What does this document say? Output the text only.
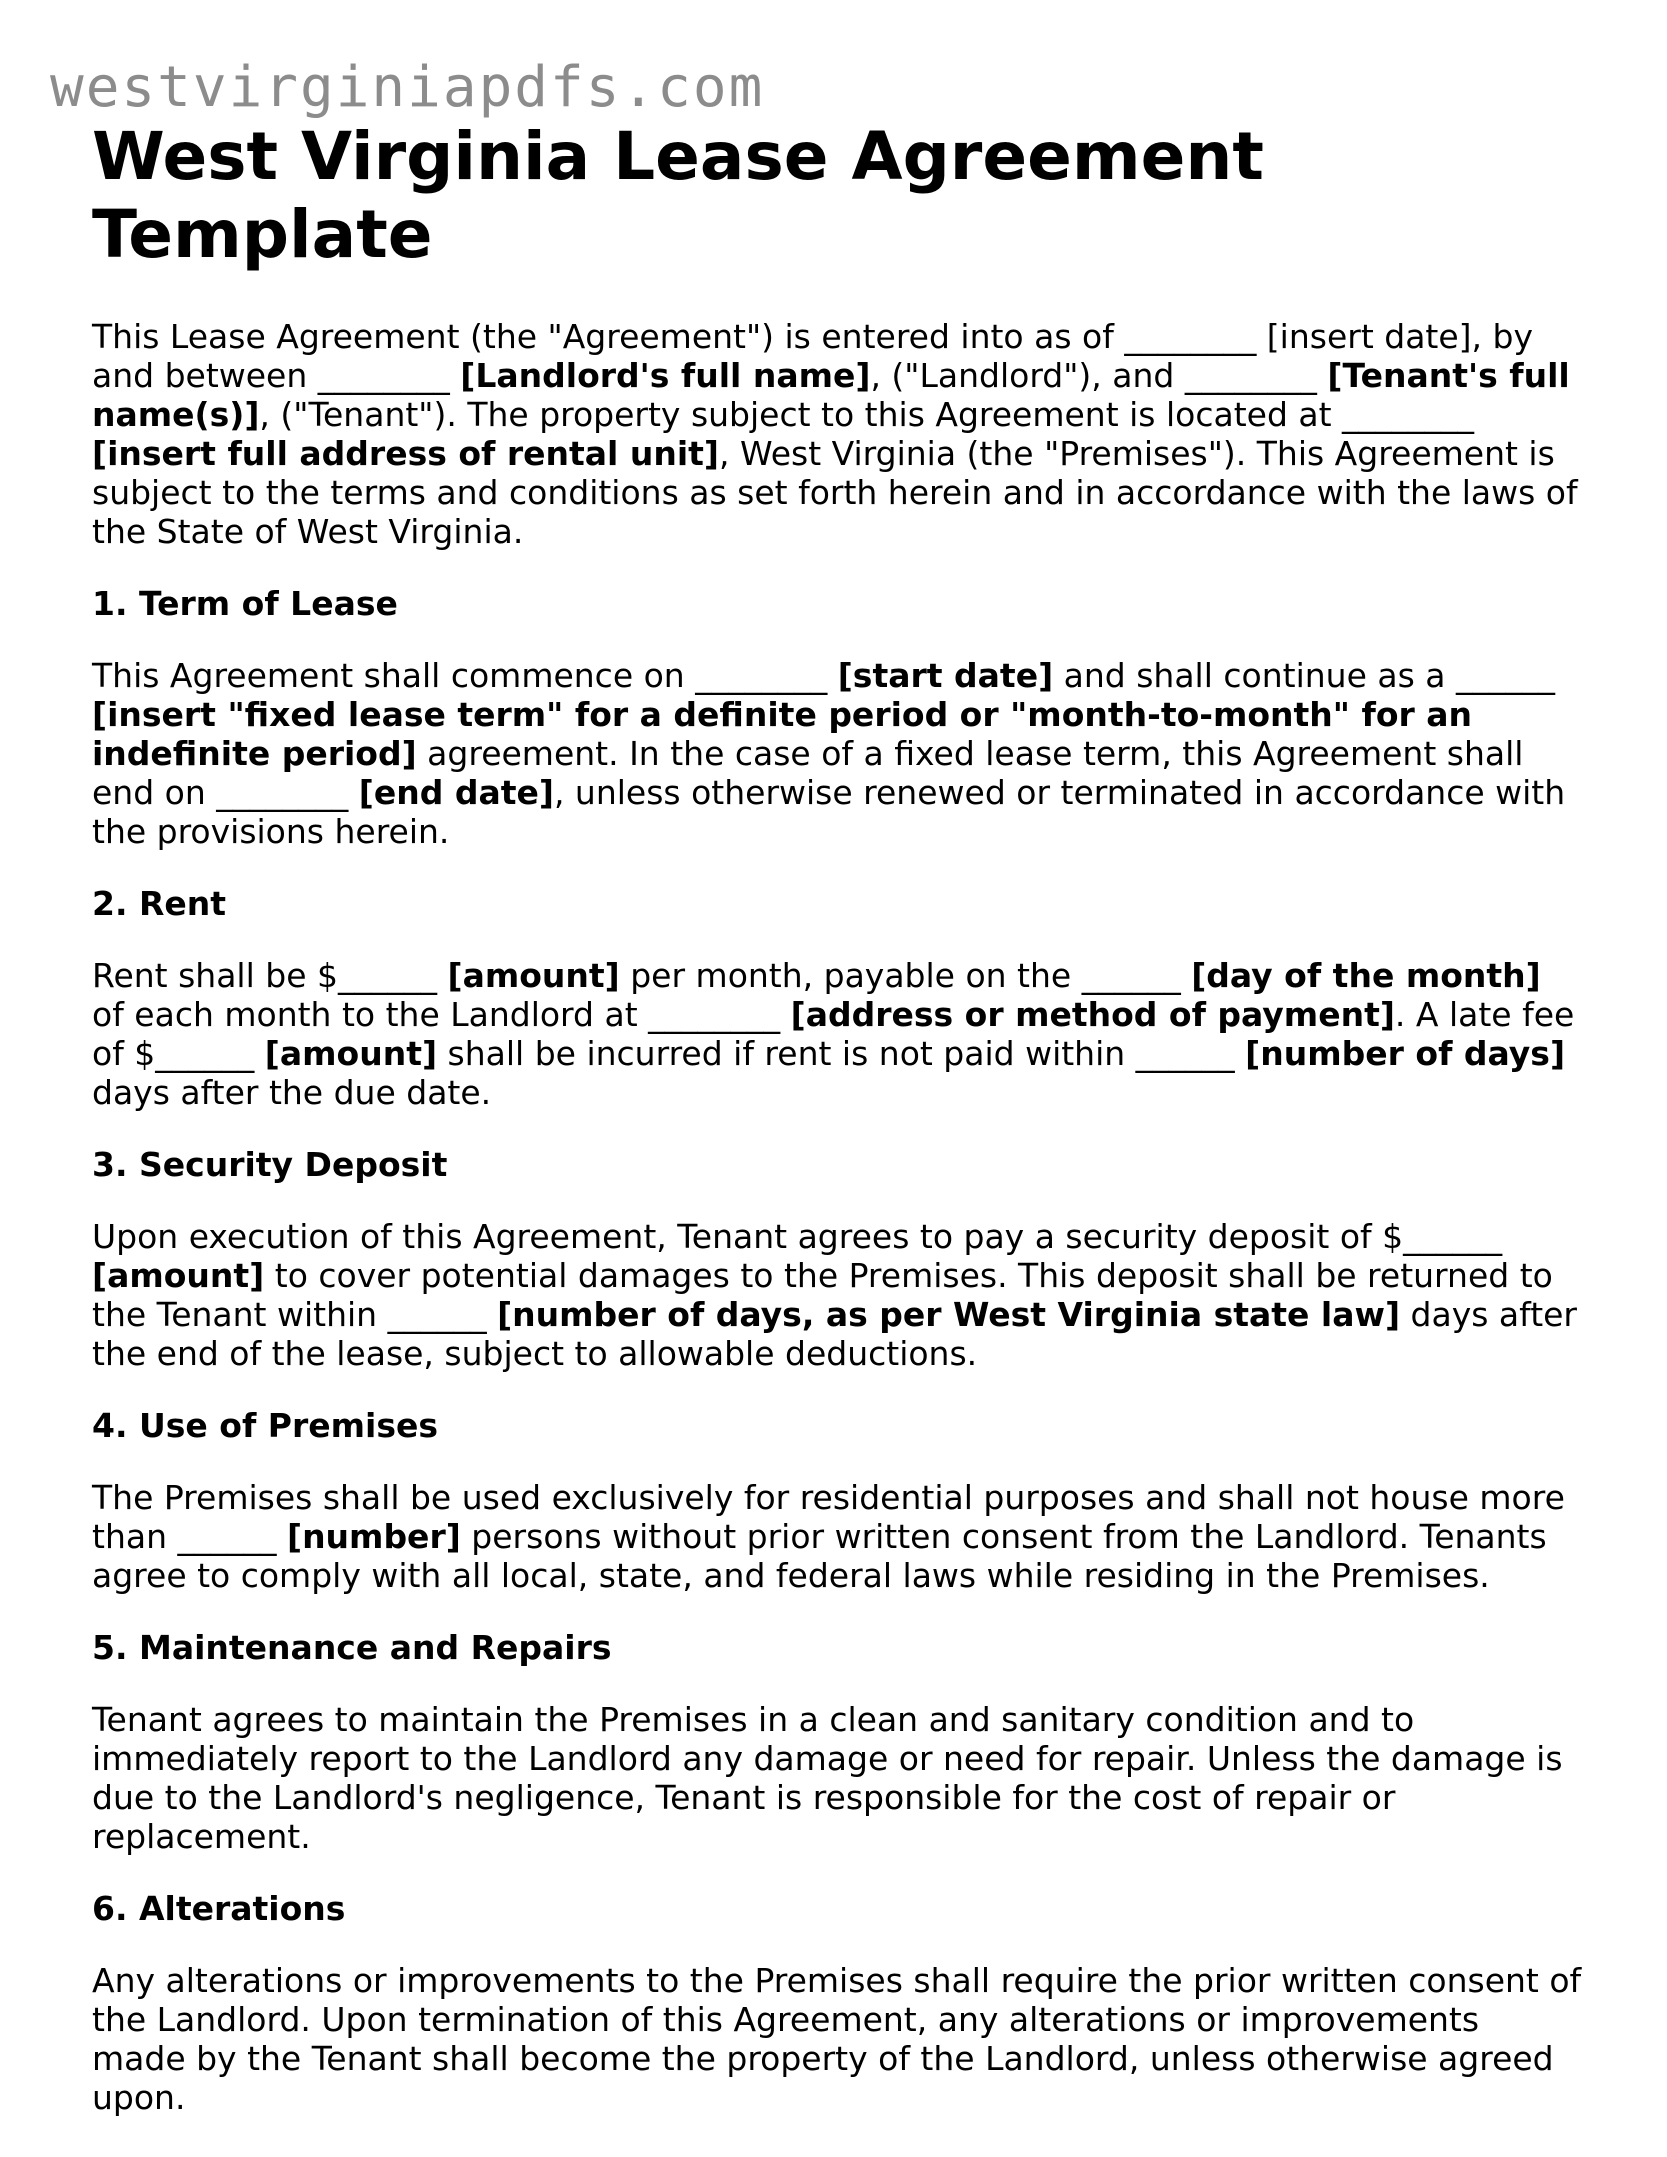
westvirginiapdfs.com
West Virginia Lease Agreement Template

This Lease Agreement (the "Agreement") is entered into as of ________ [insert date], by and between ________ [Landlord's full name], ("Landlord"), and ________ [Tenant's full name(s)], ("Tenant"). The property subject to this Agreement is located at ________ [insert full address of rental unit], West Virginia (the "Premises"). This Agreement is subject to the terms and conditions as set forth herein and in accordance with the laws of the State of West Virginia.

1. Term of Lease

This Agreement shall commence on ________ [start date] and shall continue as a ______ [insert "fixed lease term" for a definite period or "month-to-month" for an indefinite period] agreement. In the case of a fixed lease term, this Agreement shall end on ________ [end date], unless otherwise renewed or terminated in accordance with the provisions herein.

2. Rent

Rent shall be $______ [amount] per month, payable on the ______ [day of the month] of each month to the Landlord at ________ [address or method of payment]. A late fee of $______ [amount] shall be incurred if rent is not paid within ______ [number of days] days after the due date.

3. Security Deposit

Upon execution of this Agreement, Tenant agrees to pay a security deposit of $______ [amount] to cover potential damages to the Premises. This deposit shall be returned to the Tenant within ______ [number of days, as per West Virginia state law] days after the end of the lease, subject to allowable deductions.

4. Use of Premises

The Premises shall be used exclusively for residential purposes and shall not house more than ______ [number] persons without prior written consent from the Landlord. Tenants agree to comply with all local, state, and federal laws while residing in the Premises.

5. Maintenance and Repairs

Tenant agrees to maintain the Premises in a clean and sanitary condition and to immediately report to the Landlord any damage or need for repair. Unless the damage is due to the Landlord's negligence, Tenant is responsible for the cost of repair or replacement.

6. Alterations

Any alterations or improvements to the Premises shall require the prior written consent of the Landlord. Upon termination of this Agreement, any alterations or improvements made by the Tenant shall become the property of the Landlord, unless otherwise agreed upon.
